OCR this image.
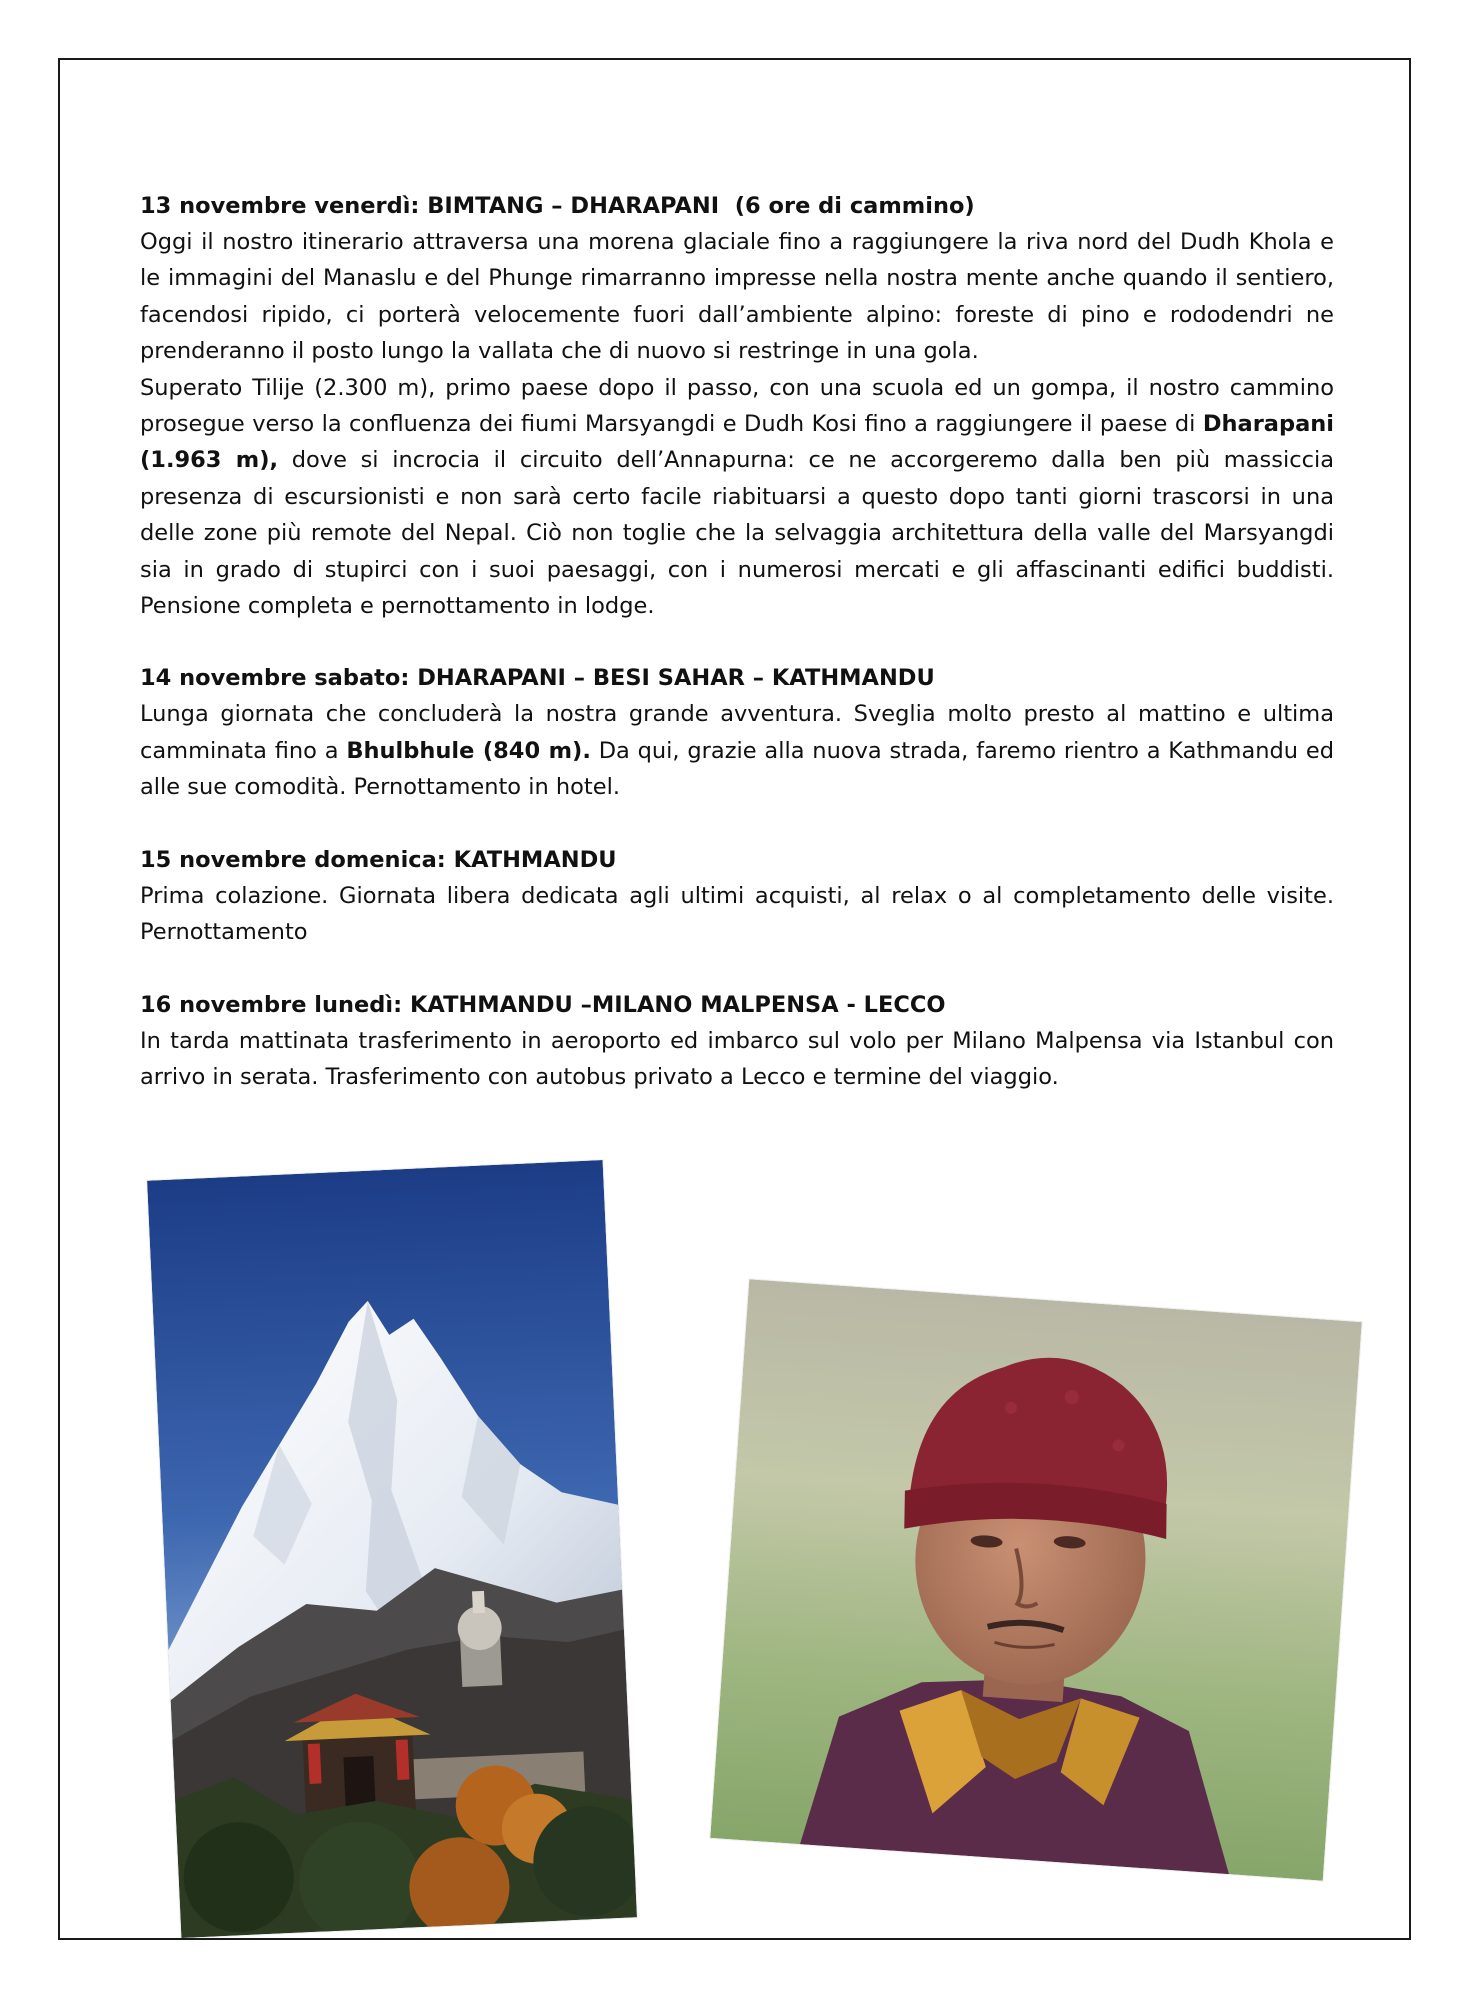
13 novembre venerdì: BIMTANG – DHARAPANI  (6 ore di cammino)

Oggi il nostro itinerario attraversa una morena glaciale fino a raggiungere la riva nord del Dudh Khola e le immagini del Manaslu e del Phunge rimarranno impresse nella nostra mente anche quando il sentiero, facendosi ripido, ci porterà velocemente fuori dall’ambiente alpino: foreste di pino e rododendri ne prenderanno il posto lungo la vallata che di nuovo si restringe in una gola.

Superato Tilije (2.300 m), primo paese dopo il passo, con una scuola ed un gompa, il nostro cammino prosegue verso la confluenza dei fiumi Marsyangdi e Dudh Kosi fino a raggiungere il paese di Dharapani (1.963 m), dove si incrocia il circuito dell’Annapurna: ce ne accorgeremo dalla ben più massiccia presenza di escursionisti e non sarà certo facile riabituarsi a questo dopo tanti giorni trascorsi in una delle zone più remote del Nepal. Ciò non toglie che la selvaggia architettura della valle del Marsyangdi sia in grado di stupirci con i suoi paesaggi, con i numerosi mercati e gli affascinanti edifici buddisti. Pensione completa e pernottamento in lodge.

14 novembre sabato: DHARAPANI – BESI SAHAR – KATHMANDU

Lunga giornata che concluderà la nostra grande avventura. Sveglia molto presto al mattino e ultima camminata fino a Bhulbhule (840 m). Da qui, grazie alla nuova strada, faremo rientro a Kathmandu ed alle sue comodità. Pernottamento in hotel.

15 novembre domenica: KATHMANDU

Prima colazione. Giornata libera dedicata agli ultimi acquisti, al relax o al completamento delle visite. Pernottamento

16 novembre lunedì: KATHMANDU –MILANO MALPENSA - LECCO

In tarda mattinata trasferimento in aeroporto ed imbarco sul volo per Milano Malpensa via Istanbul con arrivo in serata. Trasferimento con autobus privato a Lecco e termine del viaggio.
